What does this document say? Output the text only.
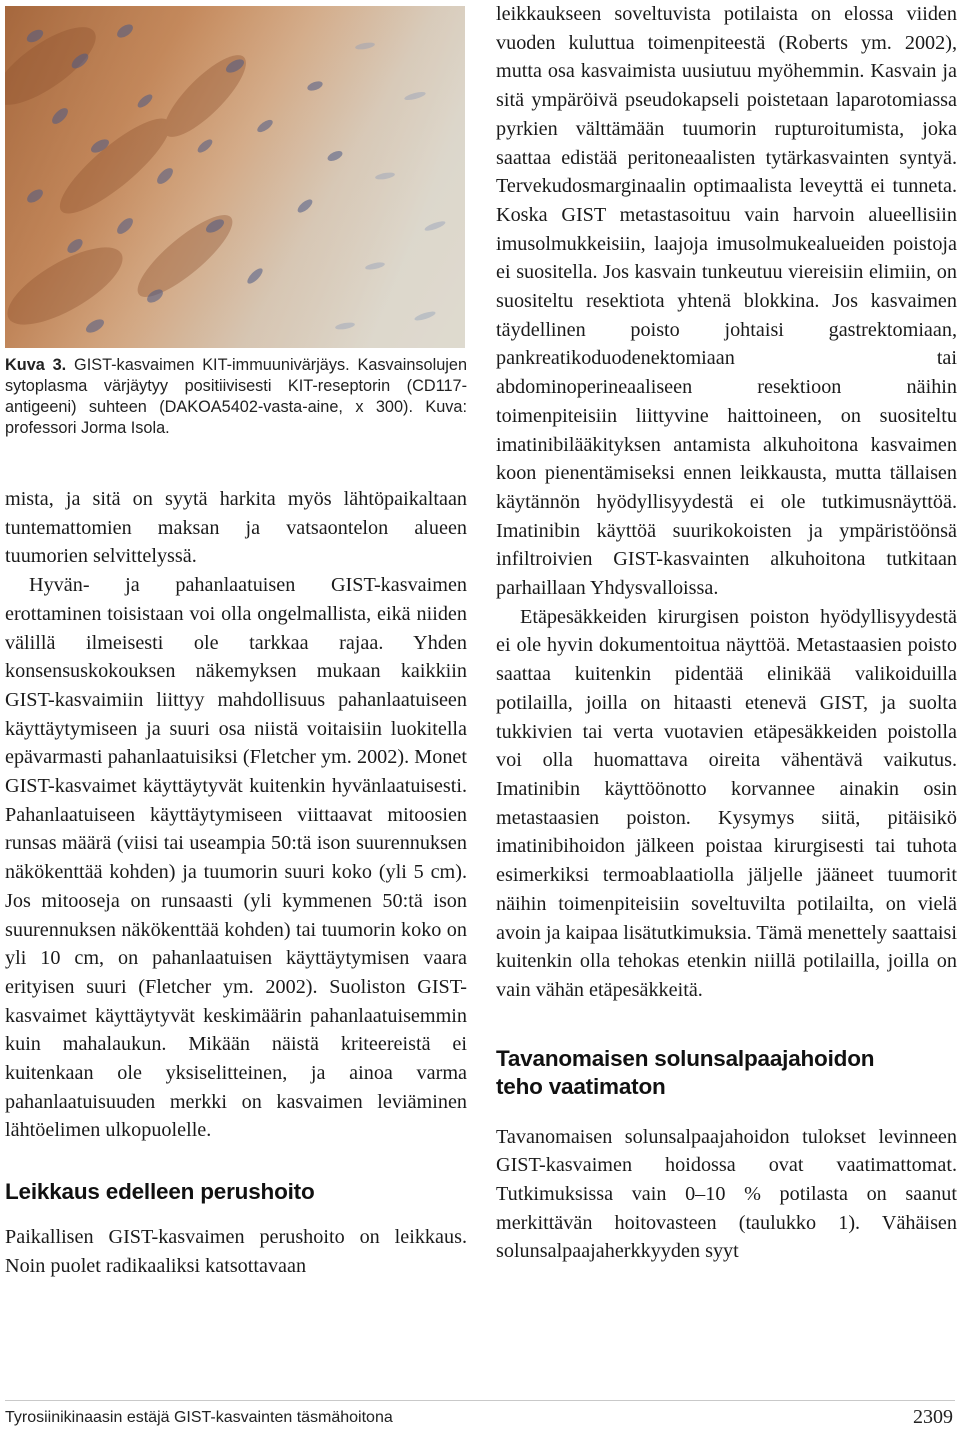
Kuva 3. GIST-kasvaimen KIT-immuunivärjäys. Kasvainsolujen sytoplasma värjäytyy positiivisesti KIT-reseptorin (CD117-antigeeni) suhteen (DAKOA5402-vasta-aine, x 300). Kuva: professori Jorma Isola.

mista, ja sitä on syytä harkita myös lähtöpaikaltaan tuntemattomien maksan ja vatsaontelon alueen tuumorien selvittelyssä.

Hyvän- ja pahanlaatuisen GIST-kasvaimen erottaminen toisistaan voi olla ongelmallista, eikä niiden välillä ilmeisesti ole tarkkaa rajaa. Yhden konsensuskokouksen näkemyksen mukaan kaikkiin GIST-kasvaimiin liittyy mahdollisuus pahanlaatuiseen käyttäytymiseen ja suuri osa niistä voitaisiin luokitella epävarmasti pahanlaatuisiksi (Fletcher ym. 2002). Monet GIST-kasvaimet käyttäytyvät kuitenkin hyvänlaatuisesti. Pahanlaatuiseen käyttäytymiseen viittaavat mitoosien runsas määrä (viisi tai useampia 50:tä ison suurennuksen näkökenttää kohden) ja tuumorin suuri koko (yli 5 cm). Jos mitooseja on runsaasti (yli kymmenen 50:tä ison suurennuksen näkökenttää kohden) tai tuumorin koko on yli 10 cm, on pahanlaatuisen käyttäytymisen vaara erityisen suuri (Fletcher ym. 2002). Suoliston GIST-kasvaimet käyttäytyvät keskimäärin pahanlaatuisemmin kuin mahalaukun. Mikään näistä kriteereistä ei kuitenkaan ole yksiselitteinen, ja ainoa varma pahanlaatuisuuden merkki on kasvaimen leviäminen lähtöelimen ulkopuolelle.

Leikkaus edelleen perushoito

Paikallisen GIST-kasvaimen perushoito on leikkaus. Noin puolet radikaaliksi katsottavaan

leikkaukseen soveltuvista potilaista on elossa viiden vuoden kuluttua toimenpiteestä (Roberts ym. 2002), mutta osa kasvaimista uusiutuu myöhemmin. Kasvain ja sitä ympäröivä pseudokapseli poistetaan laparotomiassa pyrkien välttämään tuumorin rupturoitumista, joka saattaa edistää peritoneaalisten tytärkasvainten syntyä. Tervekudosmarginaalin optimaalista leveyttä ei tunneta. Koska GIST metastasoituu vain harvoin alueellisiin imusolmukkeisiin, laajoja imusolmukealueiden poistoja ei suositella. Jos kasvain tunkeutuu viereisiin elimiin, on suositeltu resektiota yhtenä blokkina. Jos kasvaimen täydellinen poisto johtaisi gastrektomiaan, pankreatikoduodenektomiaan tai abdominoperineaaliseen resektioon näihin toimenpiteisiin liittyvine haittoineen, on suositeltu imatinibilääkityksen antamista alkuhoitona kasvaimen koon pienentämiseksi ennen leikkausta, mutta tällaisen käytännön hyödyllisyydestä ei ole tutkimusnäyttöä. Imatinibin käyttöä suurikokoisten ja ympäristöönsä infiltroivien GIST-kasvainten alkuhoitona tutkitaan parhaillaan Yhdysvalloissa.

Etäpesäkkeiden kirurgisen poiston hyödyllisyydestä ei ole hyvin dokumentoitua näyttöä. Metastaasien poisto saattaa kuitenkin pidentää elinikää valikoiduilla potilailla, joilla on hitaasti etenevä GIST, ja suolta tukkivien tai verta vuotavien etäpesäkkeiden poistolla voi olla huomattava oireita vähentävä vaikutus. Imatinibin käyttöönotto korvannee ainakin osin metastaasien poiston. Kysymys siitä, pitäisikö imatinibihoidon jälkeen poistaa kirurgisesti tai tuhota esimerkiksi termoablaatiolla jäljelle jääneet tuumorit näihin toimenpiteisiin soveltuvilta potilailta, on vielä avoin ja kaipaa lisätutkimuksia. Tämä menettely saattaisi kuitenkin olla tehokas etenkin niillä potilailla, joilla on vain vähän etäpesäkkeitä.

Tavanomaisen solunsalpaajahoidon
teho vaatimaton

Tavanomaisen solunsalpaajahoidon tulokset levinneen GIST-kasvaimen hoidossa ovat vaatimattomat. Tutkimuksissa vain 0–10 % potilasta on saanut merkittävän hoitovasteen (taulukko 1). Vähäisen solunsalpaajaherkkyyden syyt

Tyrosiinikinaasin estäjä GIST-kasvainten täsmähoitona	2309
